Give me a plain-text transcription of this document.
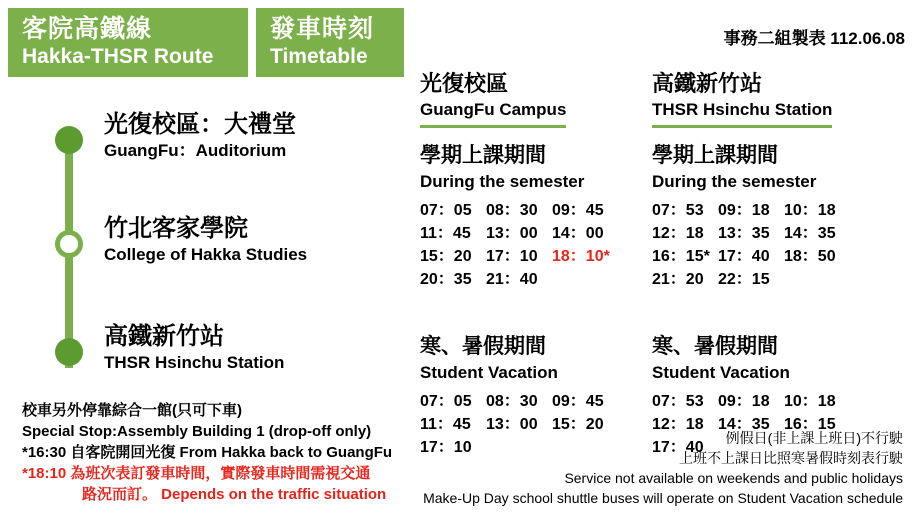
客院高鐵線
Hakka-THSR Route
發車時刻
Timetable
事務二組製表 112.06.08
光復校區：大禮堂
GuangFu：Auditorium
竹北客家學院
College of Hakka Studies
高鐵新竹站
THSR Hsinchu Station
校車另外停靠綜合一館(只可下車)
Special Stop:Assembly Building 1 (drop-off only)
*16:30 自客院開回光復 From Hakka back to GuangFu
*18:10 為班次表訂發車時間，實際發車時間需視交通
路況而訂。 Depends on the traffic situation
光復校區
GuangFu Campus
學期上課期間
During the semester
07：05 08：30 09：45
11：45 13：00 14：00
15：20 17：10 18：10*
20：35 21：40
寒、暑假期間
Student Vacation
07：05 08：30 09：45
11：45 13：00 15：20
17：10
高鐵新竹站
THSR Hsinchu Station
學期上課期間
During the semester
07：53 09：18 10：18
12：18 13：35 14：35
16：15* 17：40 18：50
21：20 22：15
寒、暑假期間
Student Vacation
07：53 09：18 10：18
12：18 14：35 16：15
17：40
例假日(非上課上班日)不行駛
上班不上課日比照寒暑假時刻表行駛
Service not available on weekends and public holidays
Make-Up Day school shuttle buses will operate on Student Vacation schedule
